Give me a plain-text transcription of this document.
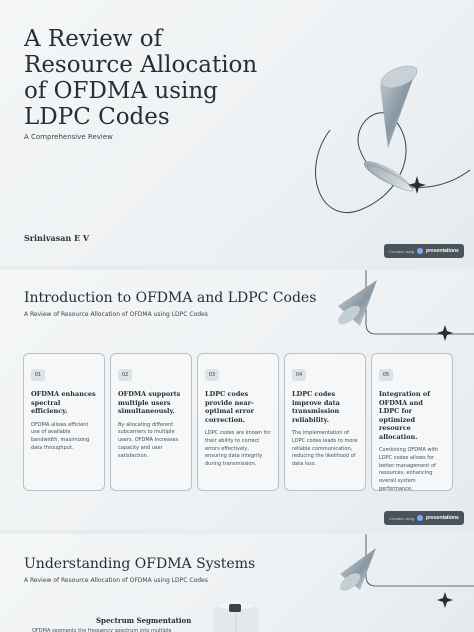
A Review of
Resource Allocation
of OFDMA using
LDPC Codes
A Comprehensive Review
Srinivasan E V
Created using presentations
Introduction to OFDMA and LDPC Codes
A Review of Resource Allocation of OFDMA using LDPC Codes
01
OFDMA enhances spectral efficiency.
OFDMA allows efficient use of available bandwidth, maximizing data throughput.
02
OFDMA supports multiple users simultaneously.
By allocating different subcarriers to multiple users, OFDMA increases capacity and user satisfaction.
03
LDPC codes provide near-optimal error correction.
LDPC codes are known for their ability to correct errors effectively, ensuring data integrity during transmission.
04
LDPC codes improve data transmission reliability.
The implementation of LDPC codes leads to more reliable communication, reducing the likelihood of data loss.
05
Integration of OFDMA and LDPC for optimized resource allocation.
Combining OFDMA with LDPC codes allows for better management of resources, enhancing overall system performance.
Created using presentations
Understanding OFDMA Systems
A Review of Resource Allocation of OFDMA using LDPC Codes
Spectrum Segmentation
OFDMA segments the frequency spectrum into multiple
